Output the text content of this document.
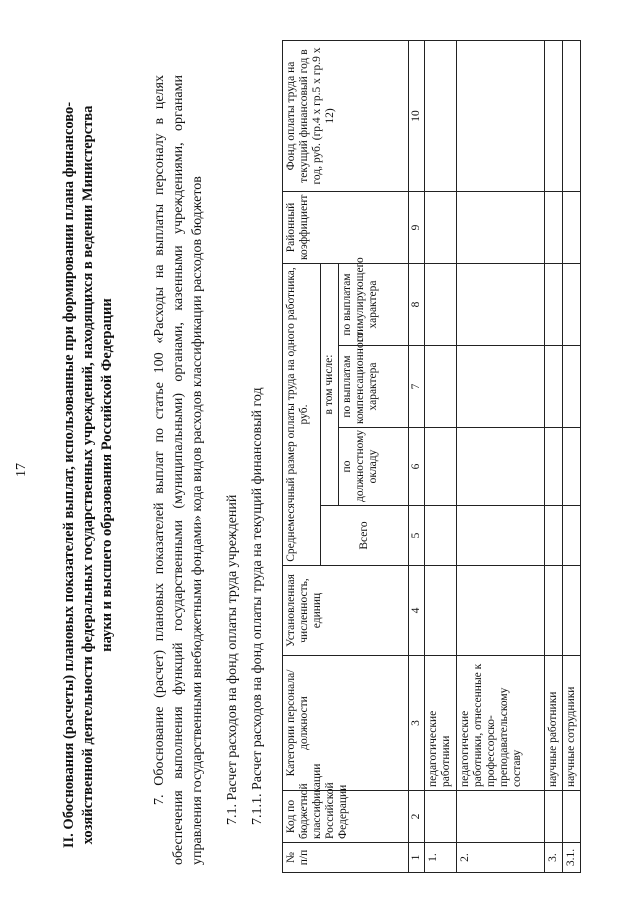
17 II. Обоснования (расчеты) плановых показателей выплат, использованные при формировании плана финансово-хозяйственной деятельности федеральных государственных учреждений, находящихся в ведении Министерства науки и высшего образования Российской Федерации	7. Обоснование (расчет) плановых показателей выплат по статье 100 «Расходы на выплаты персоналу в целях обеспечения выполнения функций государственными (муниципальными) органами, казенными учреждениями, органами управления государственными внебюджетными фондами» кода видов расходов классификации расходов бюджетов 7.1. Расчет расходов на фонд оплаты труда учреждений 7.1.1. Расчет расходов на фонд оплаты труда на текущий финансовый год
№ п/п	Код по бюджетной классификации Российской Федерации	Категории персонала/ должности	Установленная численность, единиц	Среднемесячный размер оплаты труда на одного работника, руб.				Районный коэффициент	Фонд оплаты труда на текущий финансовый год в год, руб. (гр.4 x гр.5 x гр.9 x 12)
				Всего	в том числе:				
					по должностному окладу	по выплатам компенсационного характера	по выплатам стимулирующего характера		
1	2	3	4	5	6	7	8	9	10
1.		педагогические работники							
2.		педагогические работники, отнесенные к профессорско-преподавательскому составу							
3.		научные работники							
3.1.		научные сотрудники							
